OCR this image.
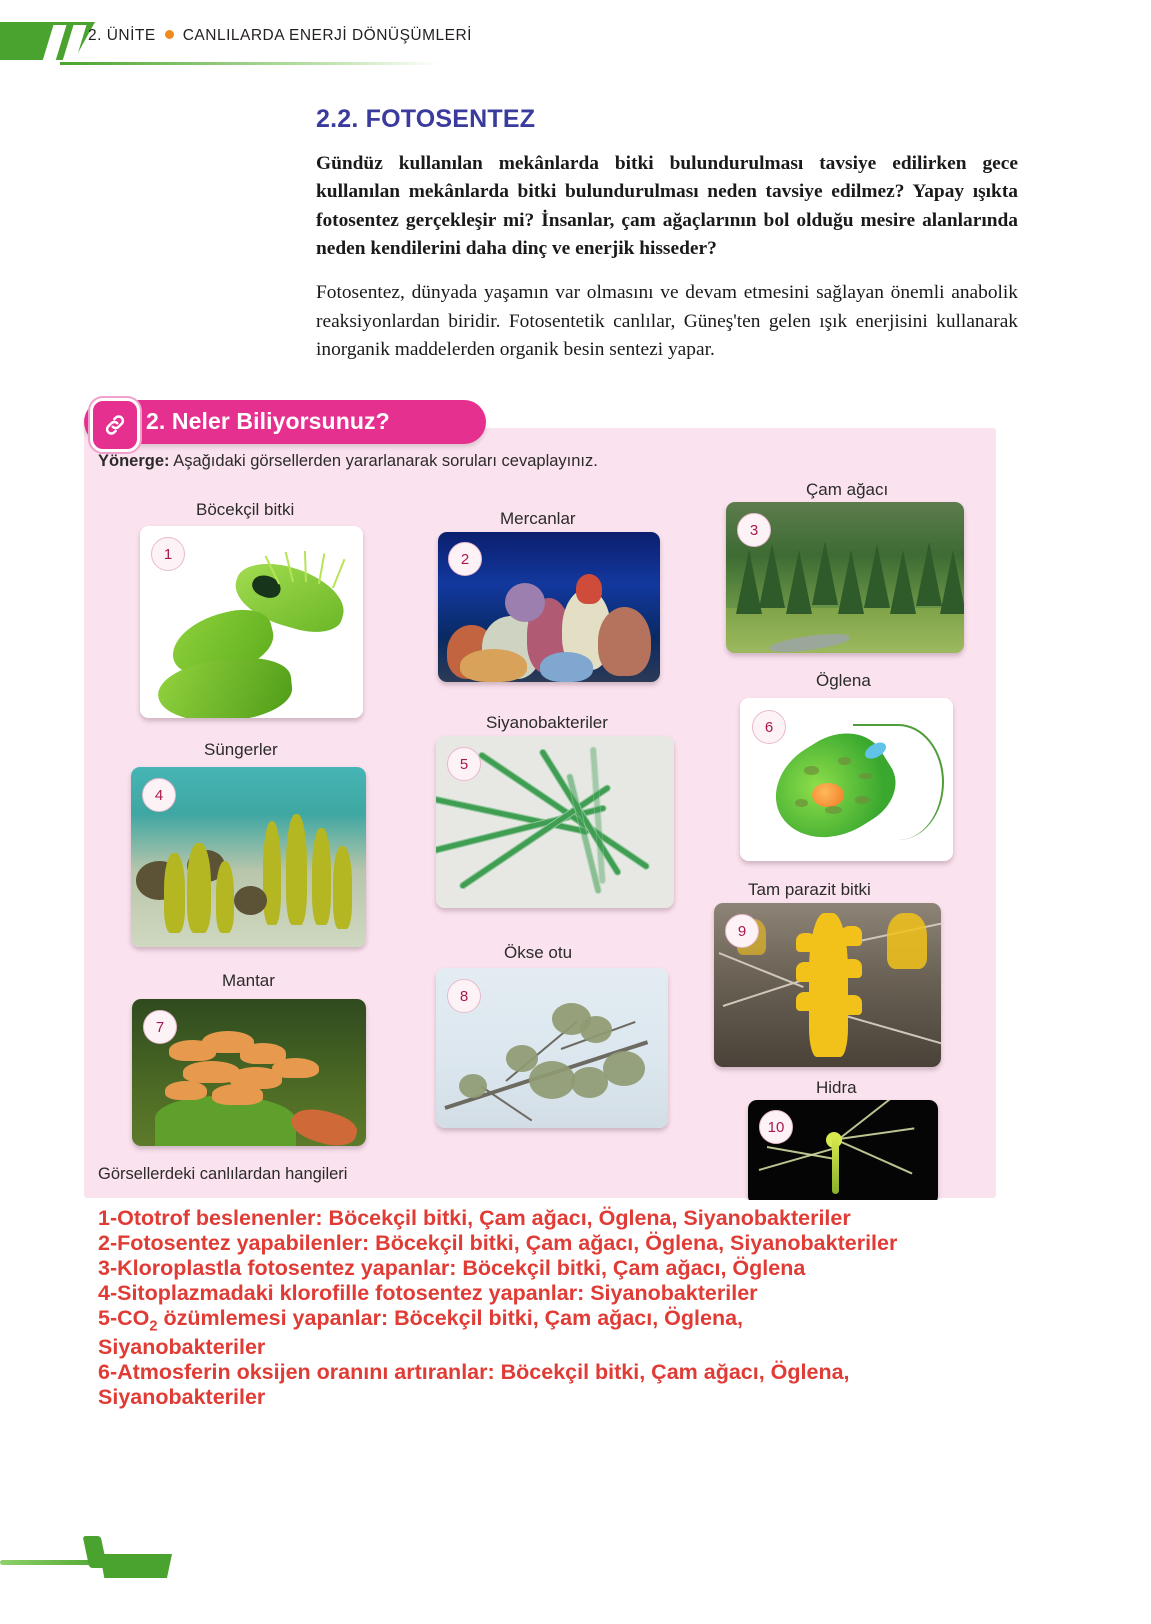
2. ÜNİTE CANLILARDA ENERJİ DÖNÜŞÜMLERİ
2.2. FOTOSENTEZ

Gündüz kullanılan mekânlarda bitki bulundurulması tavsiye edilirken gece kullanılan mekânlarda bitki bulundurulması neden tavsiye edilmez? Yapay ışıkta fotosentez gerçekleşir mi? İnsanlar, çam ağaçlarının bol olduğu mesire alanlarında neden kendilerini daha dinç ve enerjik hisseder?

Fotosentez, dünyada yaşamın var olmasını ve devam etmesini sağlayan önemli anabolik reaksiyonlardan biridir. Fotosentetik canlılar, Güneş'ten gelen ışık enerjisini kullanarak inorganik maddelerden organik besin sentezi yapar.

2. Neler Biliyorsunuz?
Yönerge: Aşağıdaki görsellerden yararlanarak soruları cevaplayınız.
Böcekçil bitki	Mercanlar
Çam ağacı
Süngerler
Siyanobakteriler
Öglena
Mantar
Ökse otu
Tam parazit bitki
Hidra
1	2
3
4
5
6
7
8
9
10
Görsellerdeki canlılardan hangileri
1-Ototrof beslenenler: Böcekçil bitki, Çam ağacı, Öglena, Siyanobakteriler
2-Fotosentez yapabilenler: Böcekçil bitki, Çam ağacı, Öglena, Siyanobakteriler
3-Kloroplastla fotosentez yapanlar: Böcekçil bitki, Çam ağacı, Öglena
4-Sitoplazmadaki klorofille fotosentez yapanlar: Siyanobakteriler
$5-CO_2$ özümlemesi yapanlar: Böcekçil bitki, Çam ağacı, Öglena, Siyanobakteriler
6-Atmosferin oksijen oranını artıranlar: Böcekçil bitki, Çam ağacı, Öglena, Siyanobakteriler
